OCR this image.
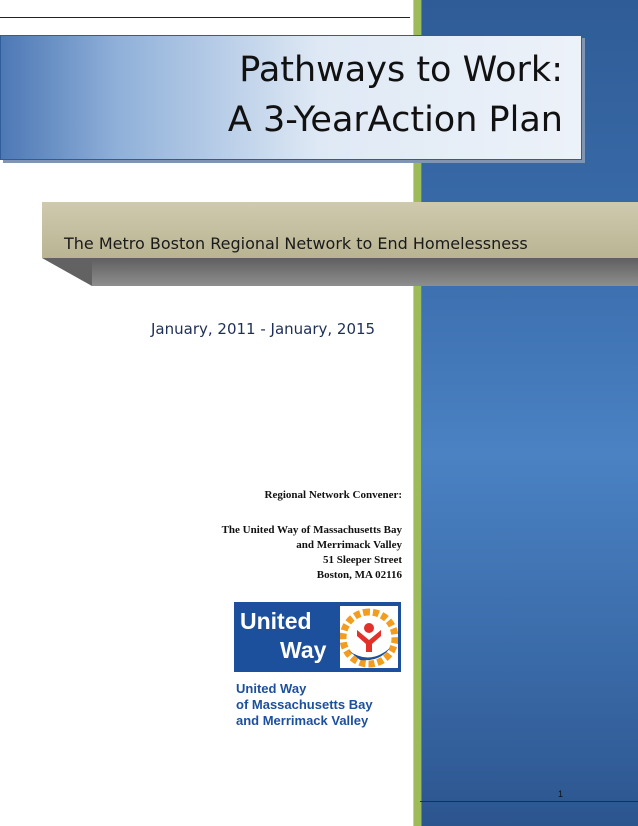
Pathways to Work:
A 3-YearAction Plan
The Metro Boston Regional Network to End Homelessness
January, 2011 - January, 2015
Regional Network Convener:
The United Way of Massachusetts Bay
and Merrimack Valley
51 Sleeper Street
Boston, MA 02116
United
Way
United Way
of Massachusetts Bay
and Merrimack Valley
1
